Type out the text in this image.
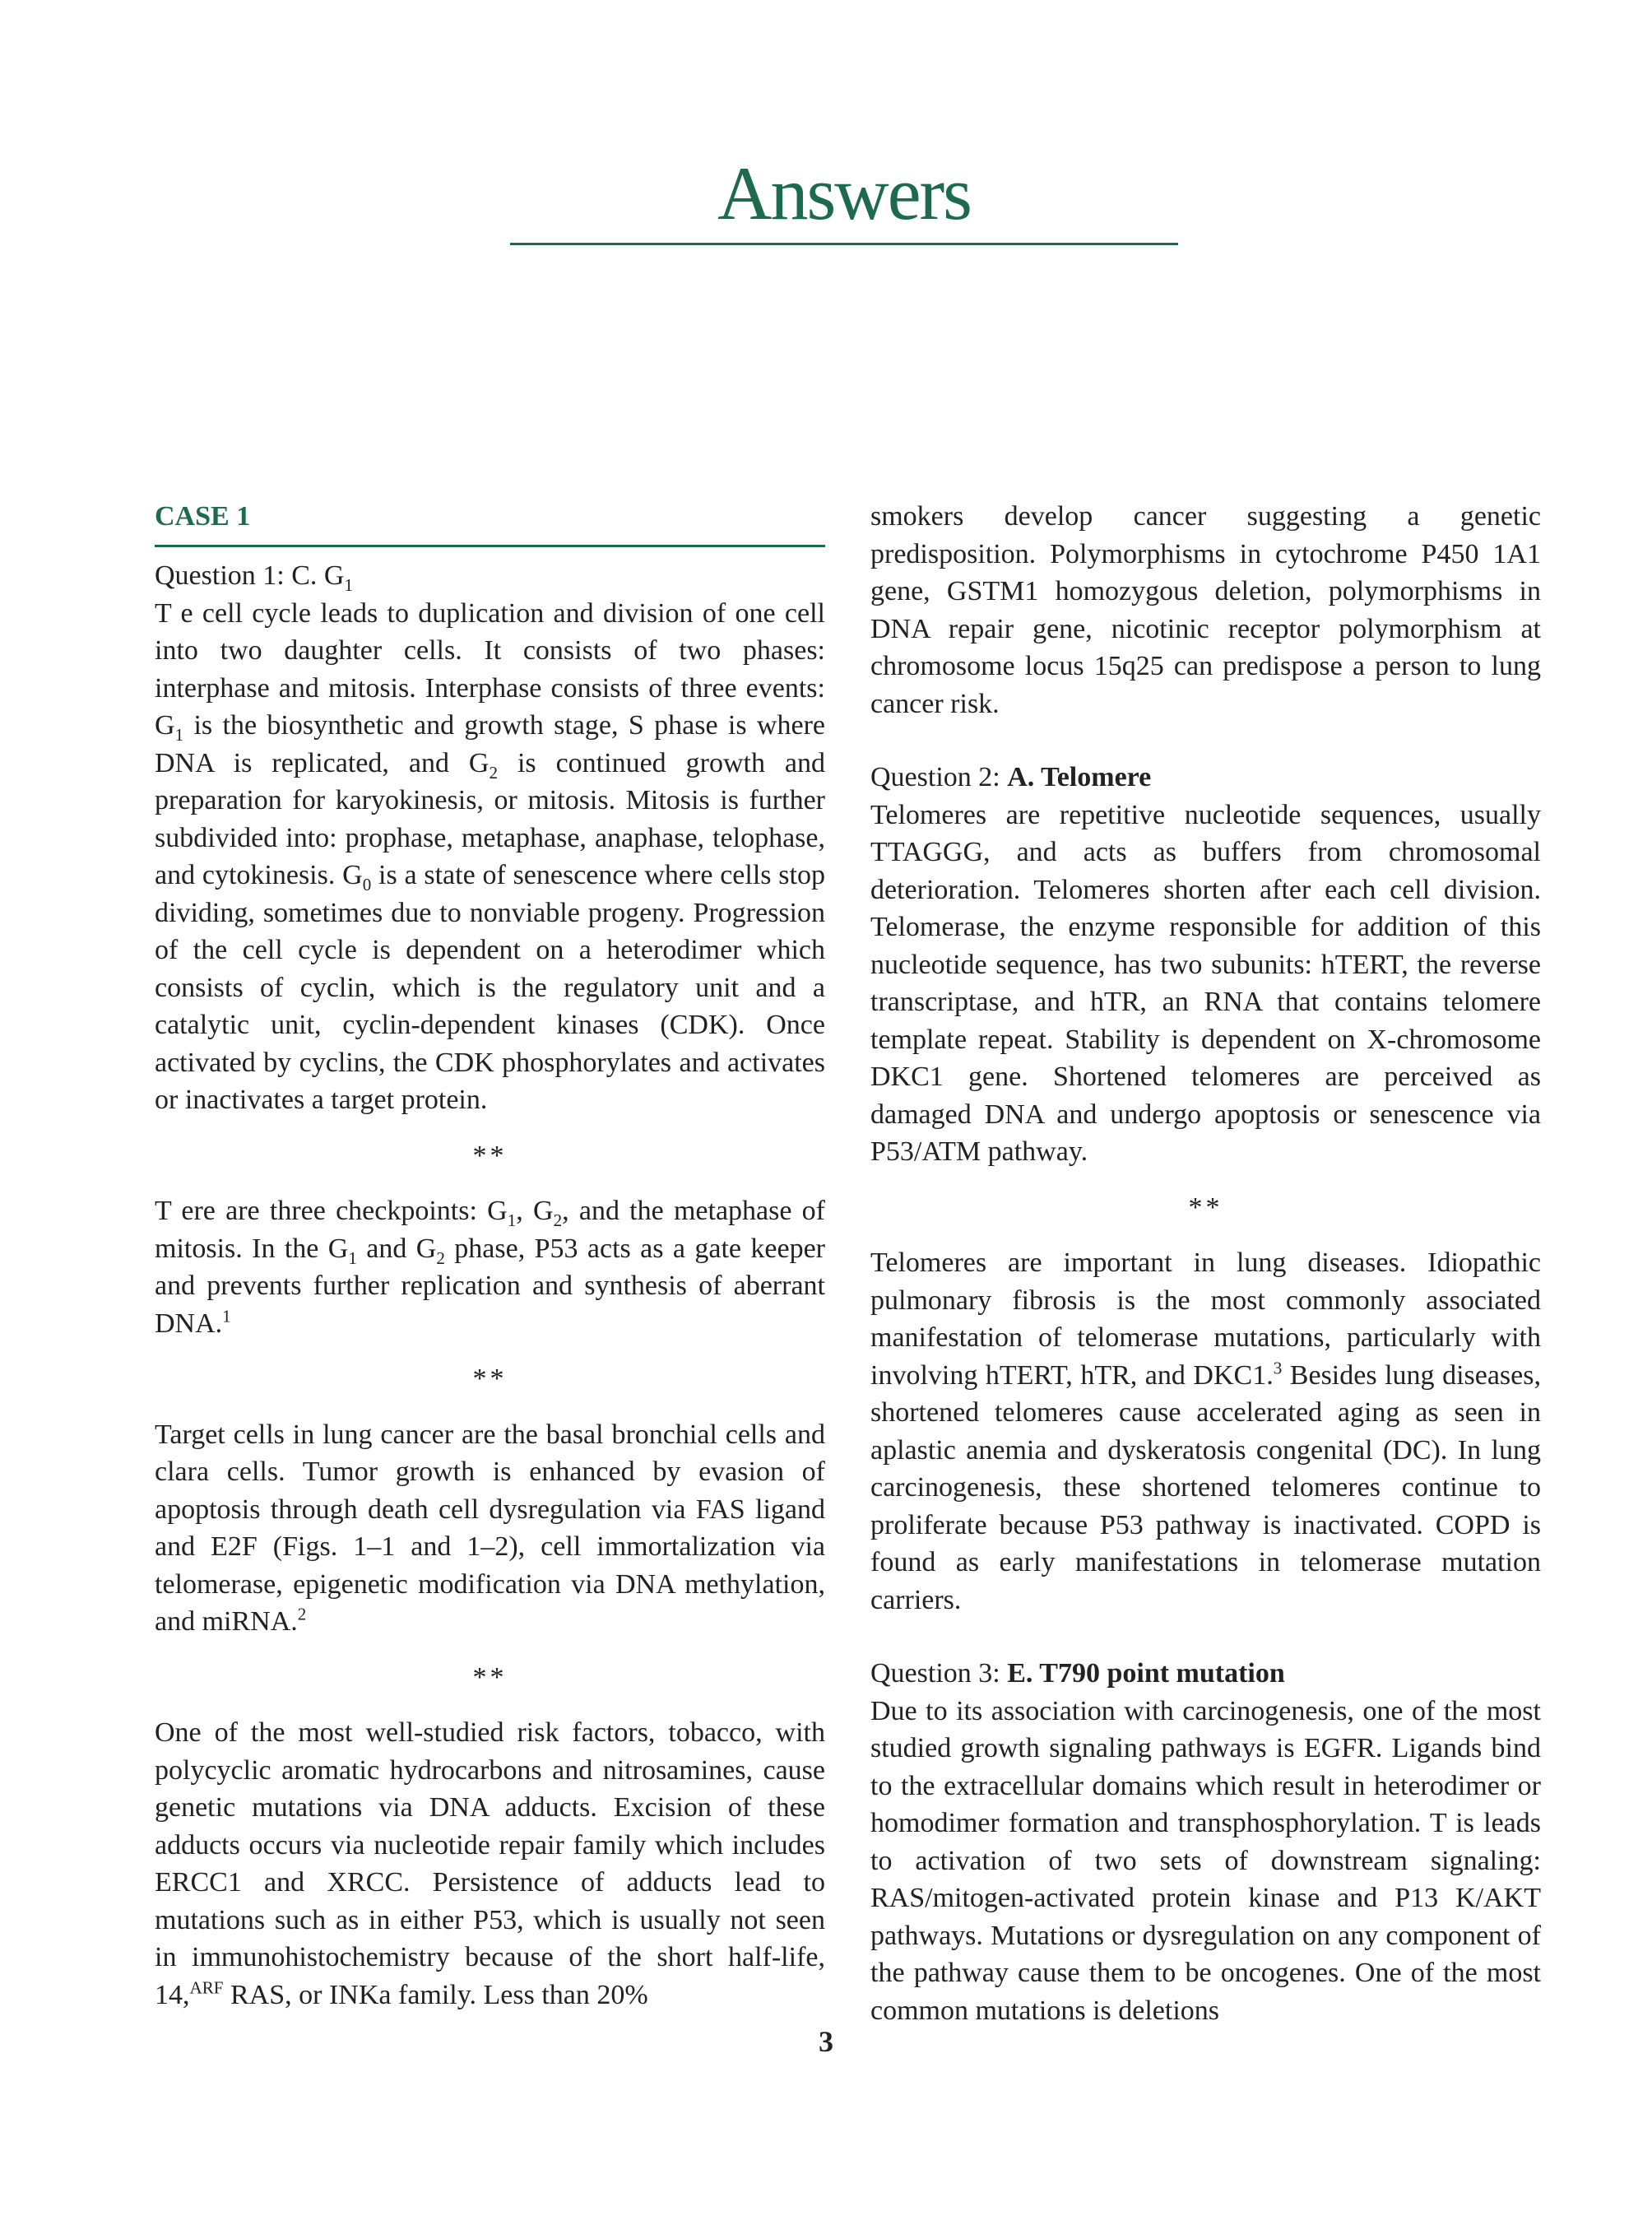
Answers
CASE 1

Question 1: C. $G_1$

T e cell cycle leads to duplication and division of one cell into two daughter cells. It consists of two phases: interphase and mitosis. Interphase consists of three events: $G_1$ is the biosynthetic and growth stage, S phase is where DNA is replicated, and $G_2$ is continued growth and preparation for karyokinesis, or mitosis. Mitosis is further subdivided into: prophase, metaphase, anaphase, telophase, and cytokinesis. $G_0$ is a state of senescence where cells stop dividing, sometimes due to nonviable progeny. Progression of the cell cycle is dependent on a heterodimer which consists of cyclin, which is the regulatory unit and a catalytic unit, cyclin-dependent kinases (CDK). Once activated by cyclins, the CDK phosphorylates and activates or inactivates a target protein.

**

T ere are three checkpoints: $G_1$, $G_2$, and the metaphase of mitosis. In the $G_1$ and $G_2$ phase, P53 acts as a gate keeper and prevents further replication and synthesis of aberrant DNA.$^1$

**

Target cells in lung cancer are the basal bronchial cells and clara cells. Tumor growth is enhanced by evasion of apoptosis through death cell dysregulation via FAS ligand and E2F (Figs. 1–1 and 1–2), cell immortalization via telomerase, epigenetic modification via DNA methylation, and miRNA.$^2$

**

One of the most well-studied risk factors, tobacco, with polycyclic aromatic hydrocarbons and nitrosamines, cause genetic mutations via DNA adducts. Excision of these adducts occurs via nucleotide repair family which includes ERCC1 and XRCC. Persistence of adducts lead to mutations such as in either P53, which is usually not seen in immunohistochemistry because of the short half-life, 14,$^{ARF}$ RAS, or INKa family. Less than 20%

smokers develop cancer suggesting a genetic predisposition. Polymorphisms in cytochrome P450 1A1 gene, GSTM1 homozygous deletion, polymorphisms in DNA repair gene, nicotinic receptor polymorphism at chromosome locus 15q25 can predispose a person to lung cancer risk.

Question 2: A. Telomere

Telomeres are repetitive nucleotide sequences, usually TTAGGG, and acts as buffers from chromosomal deterioration. Telomeres shorten after each cell division. Telomerase, the enzyme responsible for addition of this nucleotide sequence, has two subunits: hTERT, the reverse transcriptase, and hTR, an RNA that contains telomere template repeat. Stability is dependent on X-chromosome DKC1 gene. Shortened telomeres are perceived as damaged DNA and undergo apoptosis or senescence via P53/ATM pathway.

**

Telomeres are important in lung diseases. Idiopathic pulmonary fibrosis is the most commonly associated manifestation of telomerase mutations, particularly with involving hTERT, hTR, and DKC1.$^3$ Besides lung diseases, shortened telomeres cause accelerated aging as seen in aplastic anemia and dyskeratosis congenital (DC). In lung carcinogenesis, these shortened telomeres continue to proliferate because P53 pathway is inactivated. COPD is found as early manifestations in telomerase mutation carriers.

Question 3: E. T790 point mutation

Due to its association with carcinogenesis, one of the most studied growth signaling pathways is EGFR. Ligands bind to the extracellular domains which result in heterodimer or homodimer formation and transphosphorylation. T is leads to activation of two sets of downstream signaling: RAS/mitogen-activated protein kinase and P13 K/AKT pathways. Mutations or dysregulation on any component of the pathway cause them to be oncogenes. One of the most common mutations is deletions

3
